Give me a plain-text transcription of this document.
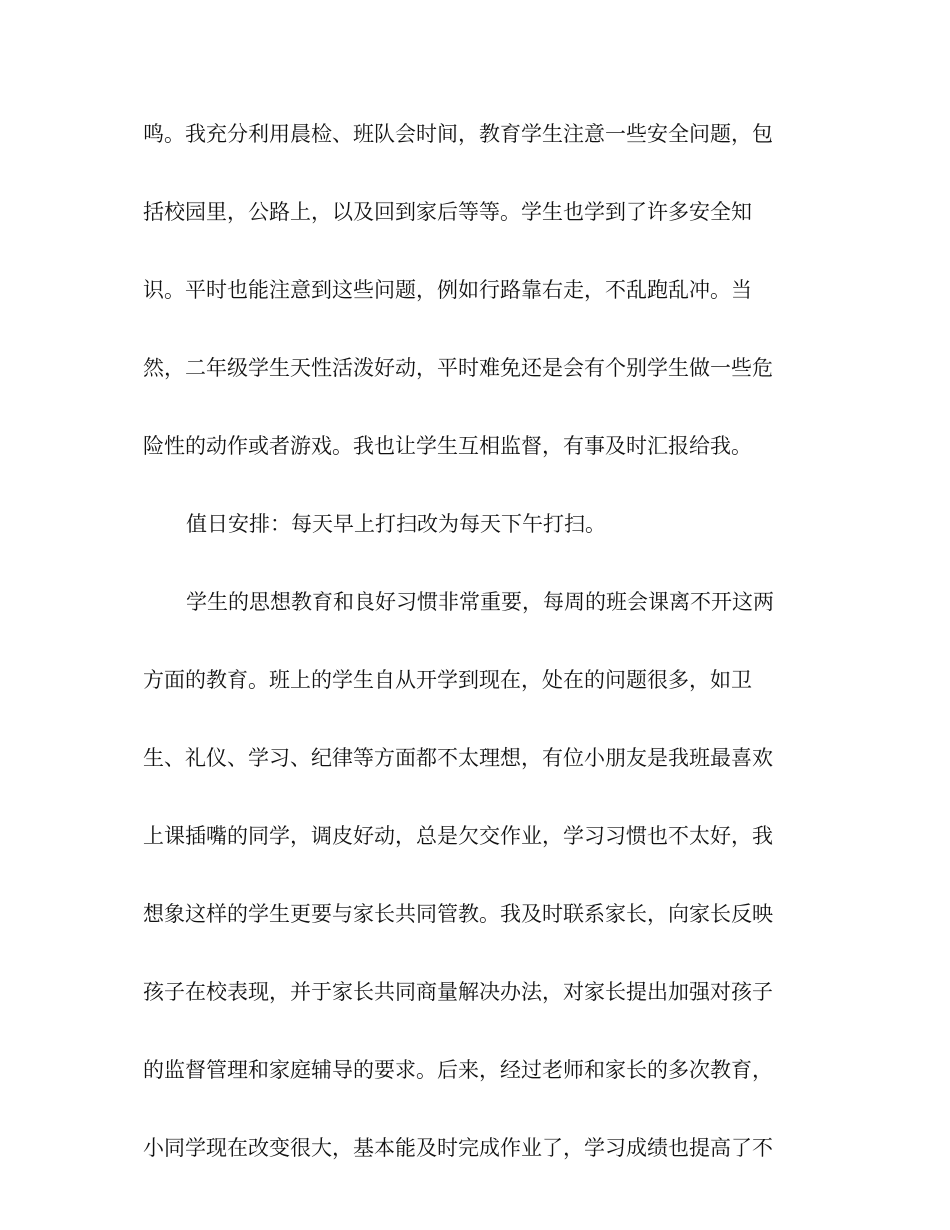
鸣。我充分利用晨检、班队会时间，教育学生注意一些安全问题，包
括校园里，公路上，以及回到家后等等。学生也学到了许多安全知
识。平时也能注意到这些问题，例如行路靠右走，不乱跑乱冲。当
然，二年级学生天性活泼好动，平时难免还是会有个别学生做一些危
险性的动作或者游戏。我也让学生互相监督，有事及时汇报给我。
值日安排：每天早上打扫改为每天下午打扫。
学生的思想教育和良好习惯非常重要，每周的班会课离不开这两
方面的教育。班上的学生自从开学到现在，处在的问题很多，如卫
生、礼仪、学习、纪律等方面都不太理想，有位小朋友是我班最喜欢
上课插嘴的同学，调皮好动，总是欠交作业，学习习惯也不太好，我
想象这样的学生更要与家长共同管教。我及时联系家长，向家长反映
孩子在校表现，并于家长共同商量解决办法，对家长提出加强对孩子
的监督管理和家庭辅导的要求。后来，经过老师和家长的多次教育，
小同学现在改变很大，基本能及时完成作业了，学习成绩也提高了不
